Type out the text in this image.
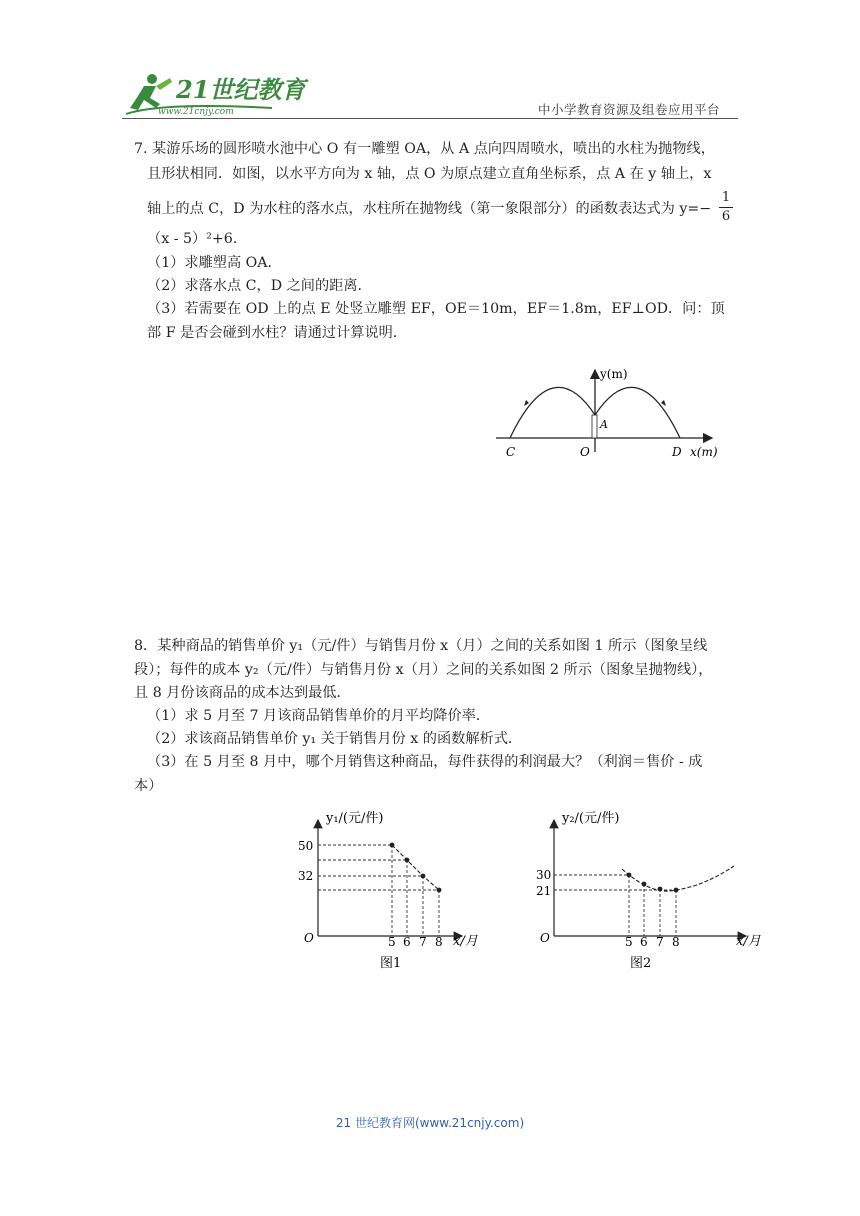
21世纪教育
www.21cnjy.com	中小学教育资源及组卷应用平台
7. 某游乐场的圆形喷水池中心 O 有一雕塑 OA，从 A 点向四周喷水，喷出的水柱为抛物线，
且形状相同．如图，以水平方向为 x 轴，点 O 为原点建立直角坐标系，点 A 在 y 轴上，x
轴上的点 C，D 为水柱的落水点，水柱所在抛物线（第一象限部分）的函数表达式为 y=−
1
6
（x - 5）²+6．
（1）求雕塑高 OA．
（2）求落水点 C，D 之间的距离．
（3）若需要在 OD 上的点 E 处竖立雕塑 EF，OE＝10m，EF＝1.8m，EF⊥OD．问：顶
部 F 是否会碰到水柱？请通过计算说明．
y(m)
x(m)
C	O	D
A
8．某种商品的销售单价 y₁（元/件）与销售月份 x（月）之间的关系如图 1 所示（图象呈线
段）；每件的成本 y₂（元/件）与销售月份 x（月）之间的关系如图 2 所示（图象呈抛物线），
且 8 月份该商品的成本达到最低．
（1）求 5 月至 7 月该商品销售单价的月平均降价率．
（2）求该商品销售单价 y₁ 关于销售月份 x 的函数解析式．
（3）在 5 月至 8 月中，哪个月销售这种商品，每件获得的利润最大？（利润＝售价 - 成
本）
y₁/(元/件)
x/月
O
50
32
5 6 7 8
图1
y₂/(元/件)
x/月
O
30
21
5 6 7 8
图2
21 世纪教育网(www.21cnjy.com)
